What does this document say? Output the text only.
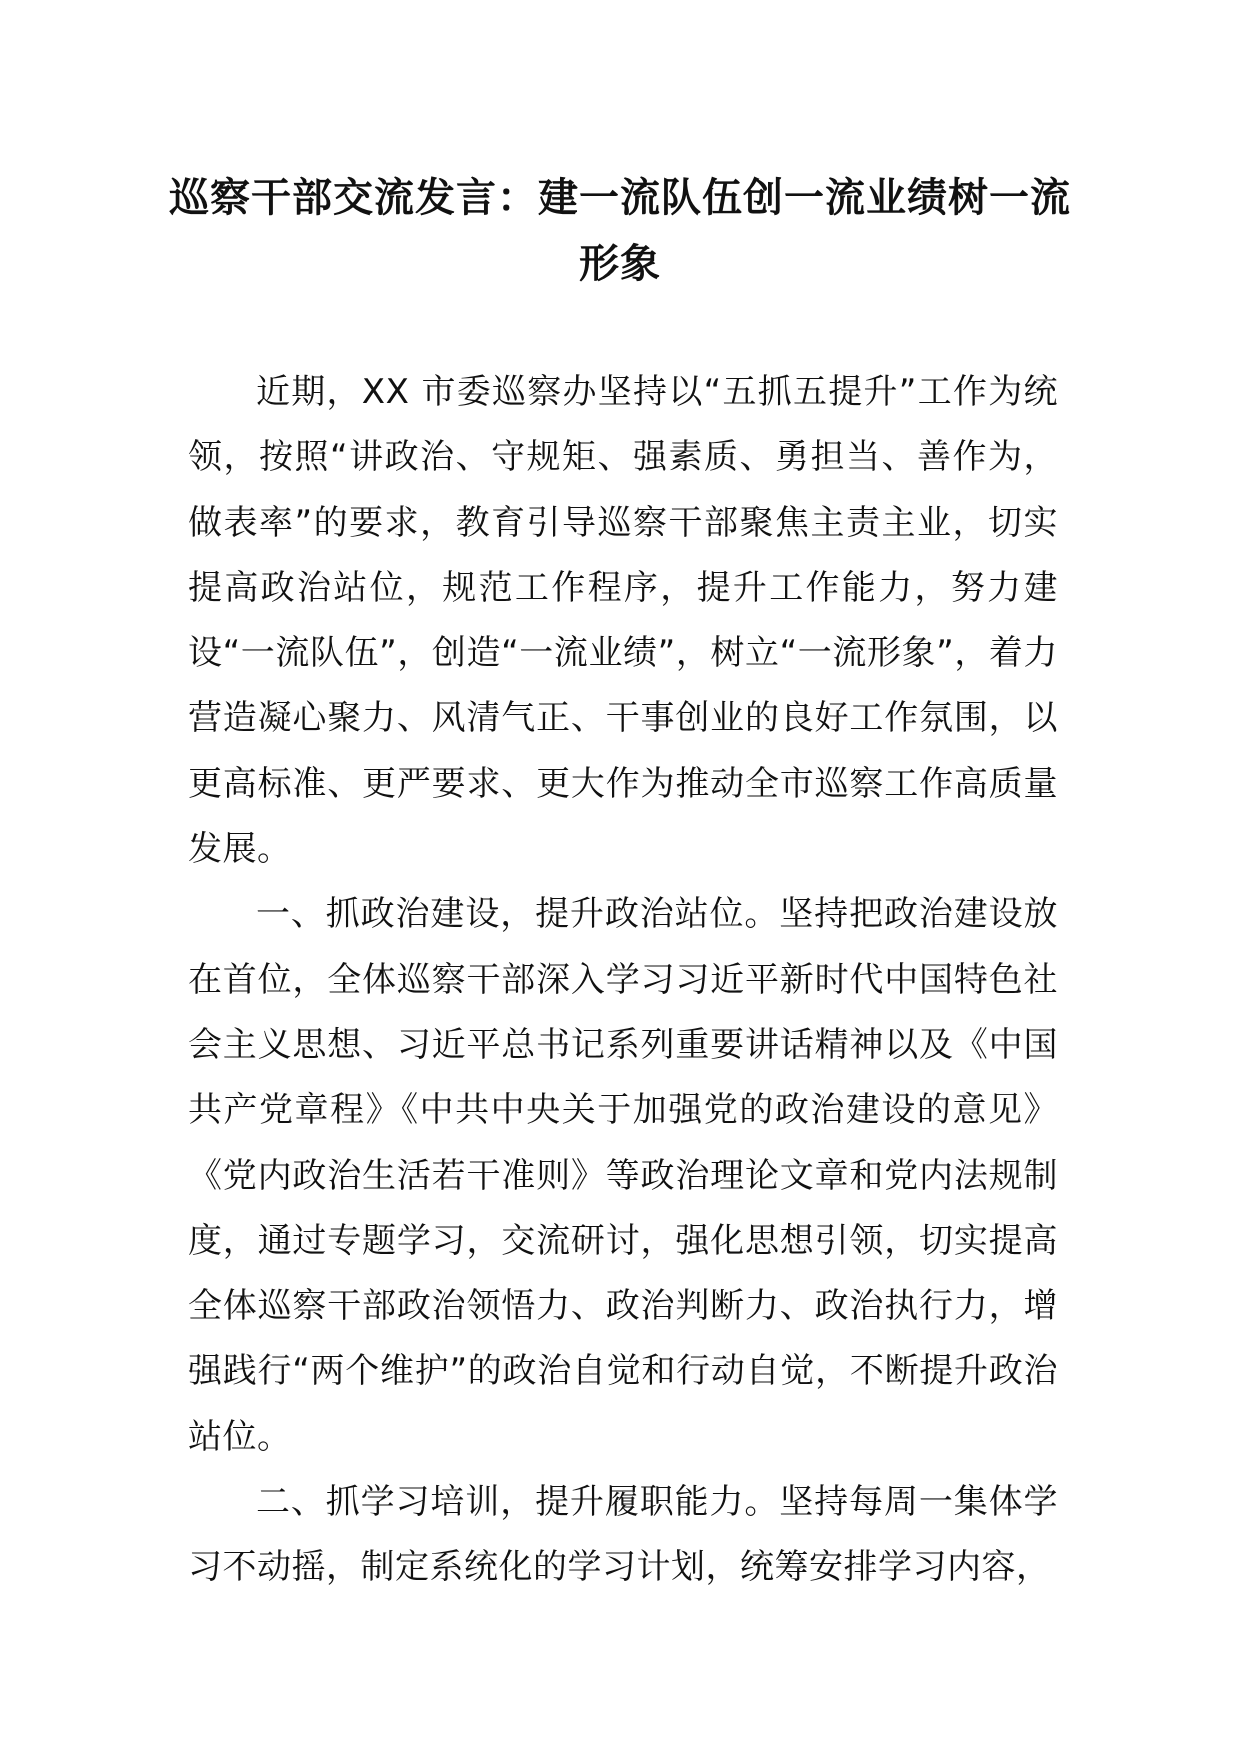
巡察干部交流发言：建一流队伍创一流业绩树一流形象

近期，XX 市委巡察办坚持以“五抓五提升”工作为统领，按照“讲政治、守规矩、强素质、勇担当、善作为，做表率”的要求，教育引导巡察干部聚焦主责主业，切实提高政治站位，规范工作程序，提升工作能力，努力建设“一流队伍”，创造“一流业绩”，树立“一流形象”，着力营造凝心聚力、风清气正、干事创业的良好工作氛围，以更高标准、更严要求、更大作为推动全市巡察工作高质量发展。

一、抓政治建设，提升政治站位。坚持把政治建设放在首位，全体巡察干部深入学习习近平新时代中国特色社会主义思想、习近平总书记系列重要讲话精神以及《中国共产党章程》《中共中央关于加强党的政治建设的意见》《党内政治生活若干准则》等政治理论文章和党内法规制度，通过专题学习，交流研讨，强化思想引领，切实提高全体巡察干部政治领悟力、政治判断力、政治执行力，增强践行“两个维护”的政治自觉和行动自觉，不断提升政治站位。

二、抓学习培训，提升履职能力。坚持每周一集体学习不动摇，制定系统化的学习计划，统筹安排学习内容，
